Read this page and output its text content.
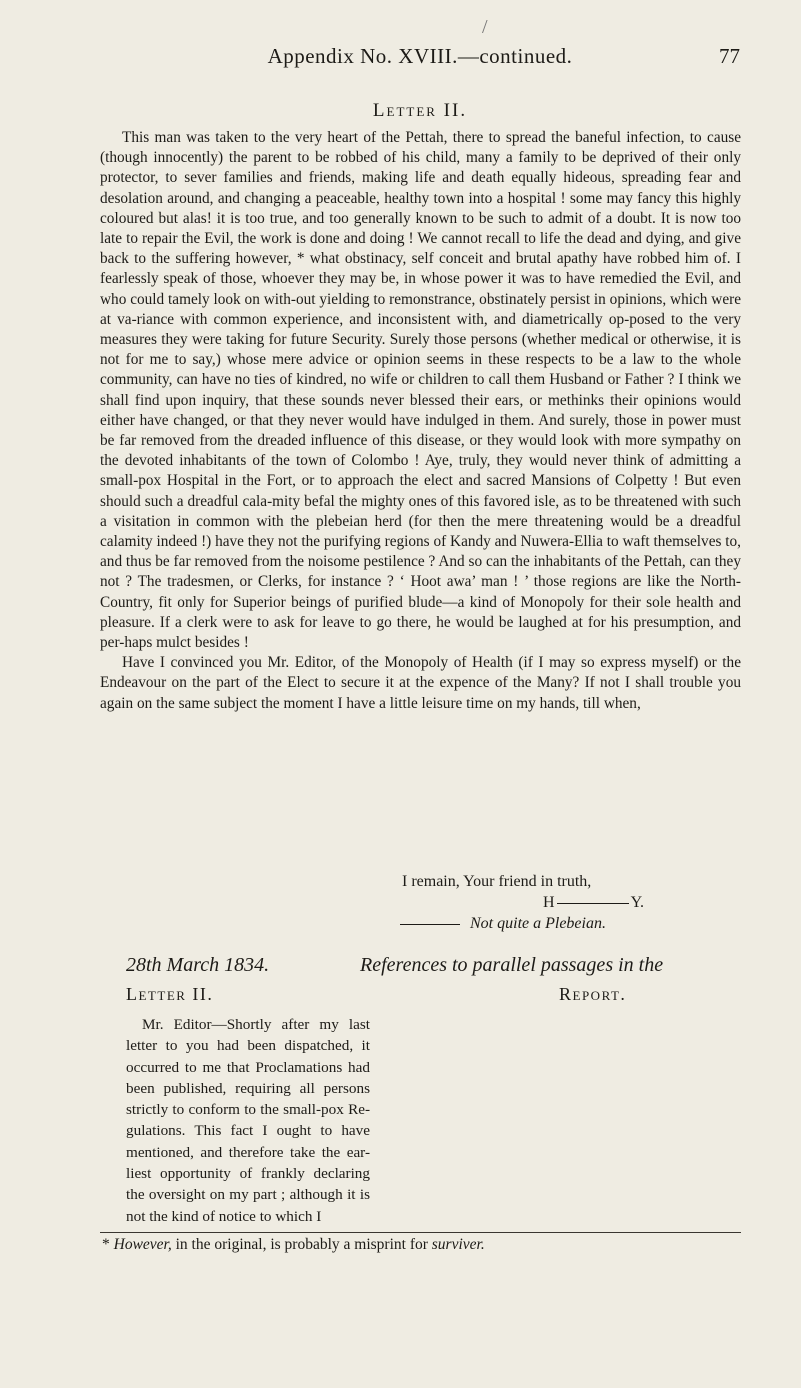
/
Appendix No. XVIII.—continued.	77
Letter II.

This man was taken to the very heart of the Pettah, there to spread the baneful infection, to cause (though innocently) the parent to be robbed of his child, many a family to be deprived of their only protector, to sever families and friends, making life and death equally hideous, spreading fear and desolation around, and changing a peaceable, healthy town into a hospital ! some may fancy this highly coloured but alas! it is too true, and too generally known to be such to admit of a doubt. It is now too late to repair the Evil, the work is done and doing ! We cannot recall to life the dead and dying, and give back to the suffering however, * what obstinacy, self conceit and brutal apathy have robbed him of. I fearlessly speak of those, whoever they may be, in whose power it was to have remedied the Evil, and who could tamely look on with-out yielding to remonstrance, obstinately persist in opinions, which were at va-riance with common experience, and inconsistent with, and diametrically op-posed to the very measures they were taking for future Security. Surely those persons (whether medical or otherwise, it is not for me to say,) whose mere advice or opinion seems in these respects to be a law to the whole community, can have no ties of kindred, no wife or children to call them Husband or Father ? I think we shall find upon inquiry, that these sounds never blessed their ears, or methinks their opinions would either have changed, or that they never would have indulged in them. And surely, those in power must be far removed from the dreaded influence of this disease, or they would look with more sympathy on the devoted inhabitants of the town of Colombo ! Aye, truly, they would never think of admitting a small-pox Hospital in the Fort, or to approach the elect and sacred Mansions of Colpetty ! But even should such a dreadful cala-mity befal the mighty ones of this favored isle, as to be threatened with such a visitation in common with the plebeian herd (for then the mere threatening would be a dreadful calamity indeed !) have they not the purifying regions of Kandy and Nuwera-Ellia to waft themselves to, and thus be far removed from the noisome pestilence ? And so can the inhabitants of the Pettah, can they not ? The tradesmen, or Clerks, for instance ? ‘ Hoot awa’ man ! ’ those regions are like the North-Country, fit only for Superior beings of purified blude—a kind of Monopoly for their sole health and pleasure. If a clerk were to ask for leave to go there, he would be laughed at for his presumption, and per-haps mulct besides !

Have I convinced you Mr. Editor, of the Monopoly of Health (if I may so express myself) or the Endeavour on the part of the Elect to secure it at the expence of the Many? If not I shall trouble you again on the same subject the moment I have a little leisure time on my hands, till when,

I remain, Your friend in truth,
H	Y.
Not quite a Plebeian.
28th March 1834.	References to parallel passages in the
Letter II.	Report.

Mr. Editor—Shortly after my last letter to you had been dispatched, it occurred to me that Proclamations had been published, requiring all persons strictly to conform to the small-pox Re-gulations. This fact I ought to have mentioned, and therefore take the ear-liest opportunity of frankly declaring the oversight on my part ; although it is not the kind of notice to which I

* However, in the original, is probably a misprint for surviver.
